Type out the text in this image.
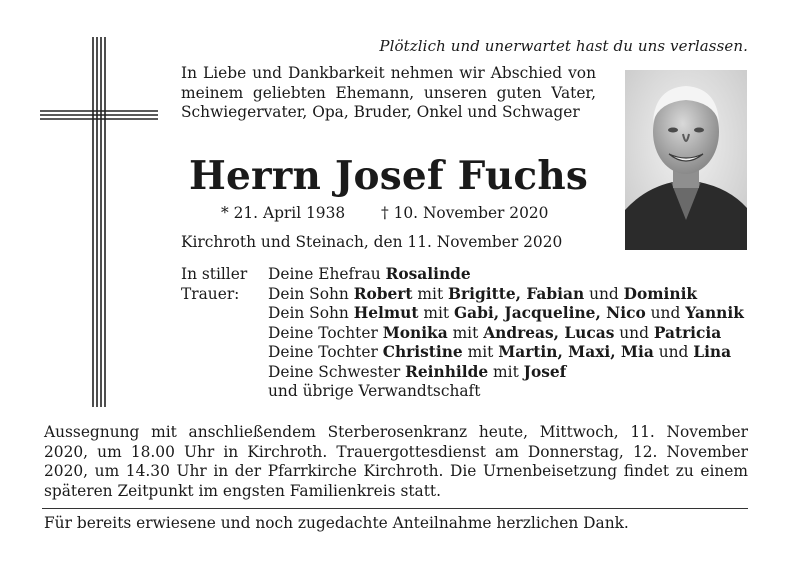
Plötzlich und unerwartet hast du uns verlassen.
In Liebe und Dankbarkeit nehmen wir Abschied von meinem geliebten Ehemann, unseren guten Vater, Schwiegervater, Opa, Bruder, Onkel und Schwager
Herrn Josef Fuchs
* 21. April 1938 † 10. November 2020
Kirchroth und Steinach, den 11. November 2020
In stiller
Trauer:
Deine Ehefrau Rosalinde
Dein Sohn Robert mit Brigitte, Fabian und Dominik
Dein Sohn Helmut mit Gabi, Jacqueline, Nico und Yannik
Deine Tochter Monika mit Andreas, Lucas und Patricia
Deine Tochter Christine mit Martin, Maxi, Mia und Lina
Deine Schwester Reinhilde mit Josef
und übrige Verwandtschaft
Aussegnung mit anschließendem Sterberosenkranz heute, Mittwoch, 11. November 2020, um 18.00 Uhr in Kirchroth. Trauergottesdienst am Donnerstag, 12. November 2020, um 14.30 Uhr in der Pfarrkirche Kirchroth. Die Urnenbeisetzung findet zu einem späteren Zeitpunkt im engsten Familienkreis statt.
Für bereits erwiesene und noch zugedachte Anteilnahme herzlichen Dank.
